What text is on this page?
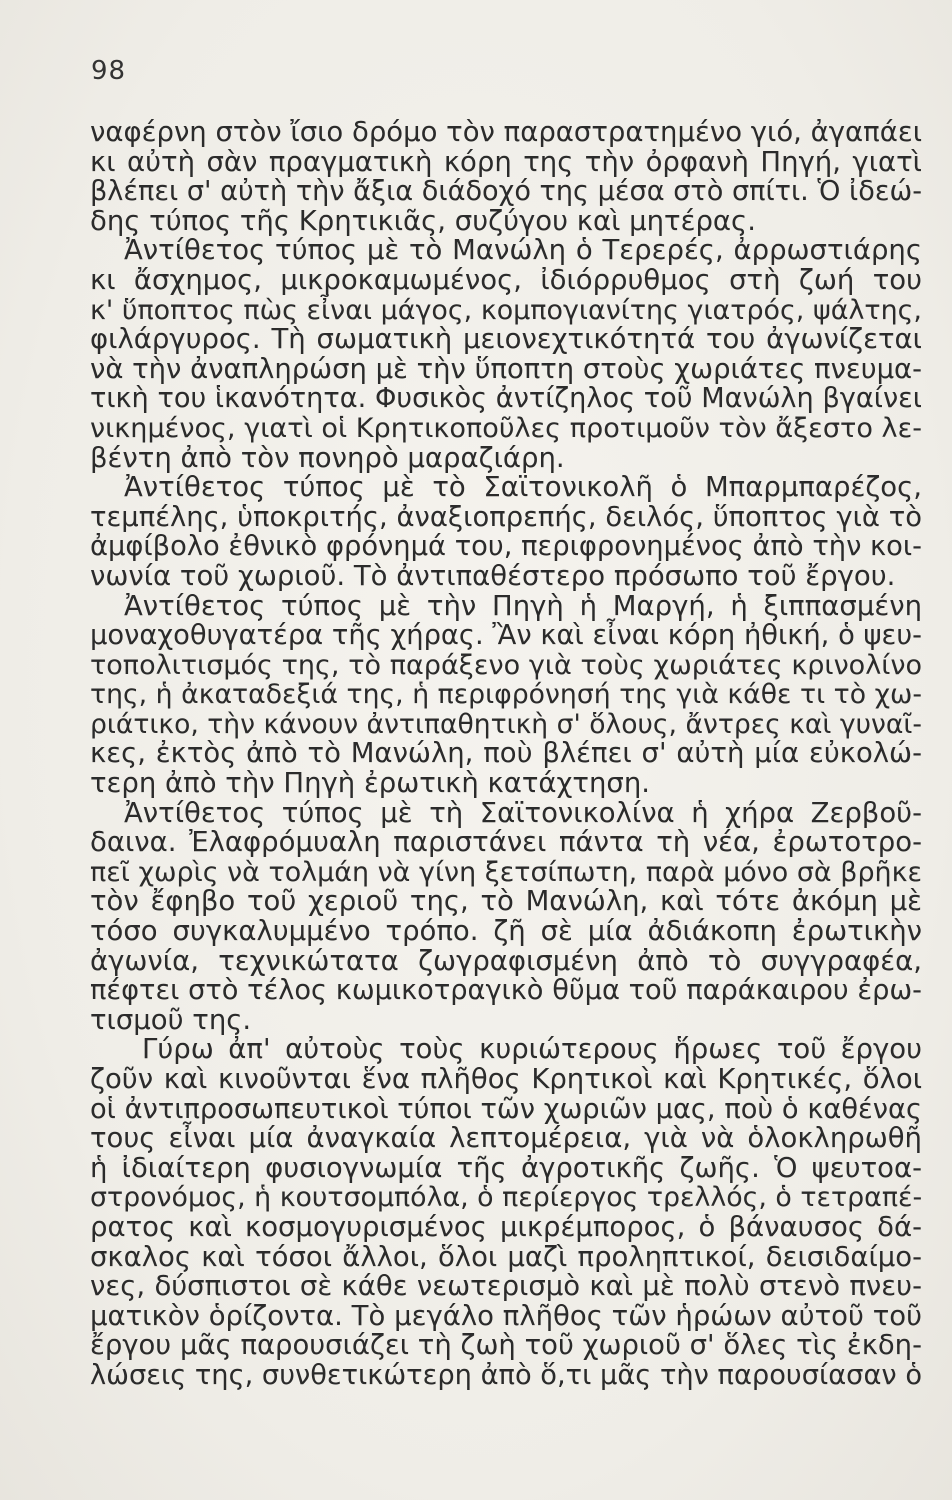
98
ναφέρνη στὸν ἴσιο δρόμο τὸν παραστρατημένο γιό, ἀγαπάει
κι αὐτὴ σὰν πραγματικὴ κόρη της τὴν ὀρφανὴ Πηγή, γιατὶ
βλέπει σ' αὐτὴ τὴν ἄξια διάδοχό της μέσα στὸ σπίτι. Ὁ ἰδεώ-
δης τύπος τῆς Κρητικιᾶς, συζύγου καὶ μητέρας.
Ἀντίθετος τύπος μὲ τὸ Μανώλη ὁ Τερερές, ἀρρωστιάρης
κι ἄσχημος, μικροκαμωμένος, ἰδιόρρυθμος στὴ ζωή του
κ' ὕποπτος πὼς εἶναι μάγος, κομπογιανίτης γιατρός, ψάλτης,
φιλάργυρος. Τὴ σωματικὴ μειονεχτικότητά του ἀγωνίζεται
νὰ τὴν ἀναπληρώση μὲ τὴν ὕποπτη στοὺς χωριάτες πνευμα-
τικὴ του ἱκανότητα. Φυσικὸς ἀντίζηλος τοῦ Μανώλη βγαίνει
νικημένος, γιατὶ οἱ Κρητικοποῦλες προτιμοῦν τὸν ἄξεστο λε-
βέντη ἀπὸ τὸν πονηρὸ μαραζιάρη.
Ἀντίθετος τύπος μὲ τὸ Σαϊτονικολῆ ὁ Μπαρμπαρέζος,
τεμπέλης, ὑποκριτής, ἀναξιοπρεπής, δειλός, ὕποπτος γιὰ τὸ
ἀμφίβολο ἐθνικὸ φρόνημά του, περιφρονημένος ἀπὸ τὴν κοι-
νωνία τοῦ χωριοῦ. Τὸ ἀντιπαθέστερο πρόσωπο τοῦ ἔργου.
Ἀντίθετος τύπος μὲ τὴν Πηγὴ ἡ Μαργή, ἡ ξιππασμένη
μοναχοθυγατέρα τῆς χήρας. Ἂν καὶ εἶναι κόρη ἠθική, ὁ ψευ-
τοπολιτισμός της, τὸ παράξενο γιὰ τοὺς χωριάτες κρινολίνο
της, ἡ ἀκαταδεξιά της, ἡ περιφρόνησή της γιὰ κάθε τι τὸ χω-
ριάτικο, τὴν κάνουν ἀντιπαθητικὴ σ' ὅλους, ἄντρες καὶ γυναῖ-
κες, ἐκτὸς ἀπὸ τὸ Μανώλη, ποὺ βλέπει σ' αὐτὴ μία εὐκολώ-
τερη ἀπὸ τὴν Πηγὴ ἐρωτικὴ κατάχτηση.
Ἀντίθετος τύπος μὲ τὴ Σαϊτονικολίνα ἡ χήρα Ζερβοῦ-
δαινα. Ἐλαφρόμυαλη παριστάνει πάντα τὴ νέα, ἐρωτοτρο-
πεῖ χωρὶς νὰ τολμάη νὰ γίνη ξετσίπωτη, παρὰ μόνο σὰ βρῆκε
τὸν ἔφηβο τοῦ χεριοῦ της, τὸ Μανώλη, καὶ τότε ἀκόμη μὲ
τόσο συγκαλυμμένο τρόπο. ζῆ σὲ μία ἀδιάκοπη ἐρωτικὴν
ἀγωνία, τεχνικώτατα ζωγραφισμένη ἀπὸ τὸ συγγραφέα,
πέφτει στὸ τέλος κωμικοτραγικὸ θῦμα τοῦ παράκαιρου ἐρω-
τισμοῦ της.
Γύρω ἀπ' αὐτοὺς τοὺς κυριώτερους ἥρωες τοῦ ἔργου
ζοῦν καὶ κινοῦνται ἕνα πλῆθος Κρητικοὶ καὶ Κρητικές, ὅλοι
οἱ ἀντιπροσωπευτικοὶ τύποι τῶν χωριῶν μας, ποὺ ὁ καθένας
τους εἶναι μία ἀναγκαία λεπτομέρεια, γιὰ νὰ ὁλοκληρωθῆ
ἡ ἰδιαίτερη φυσιογνωμία τῆς ἀγροτικῆς ζωῆς. Ὁ ψευτοα-
στρονόμος, ἡ κουτσομπόλα, ὁ περίεργος τρελλός, ὁ τετραπέ-
ρατος καὶ κοσμογυρισμένος μικρέμπορος, ὁ βάναυσος δά-
σκαλος καὶ τόσοι ἄλλοι, ὅλοι μαζὶ προληπτικοί, δεισιδαίμο-
νες, δύσπιστοι σὲ κάθε νεωτερισμὸ καὶ μὲ πολὺ στενὸ πνευ-
ματικὸν ὁρίζοντα. Τὸ μεγάλο πλῆθος τῶν ἡρώων αὐτοῦ τοῦ
ἔργου μᾶς παρουσιάζει τὴ ζωὴ τοῦ χωριοῦ σ' ὅλες τὶς ἐκδη-
λώσεις της, συνθετικώτερη ἀπὸ ὅ,τι μᾶς τὴν παρουσίασαν ὁ
